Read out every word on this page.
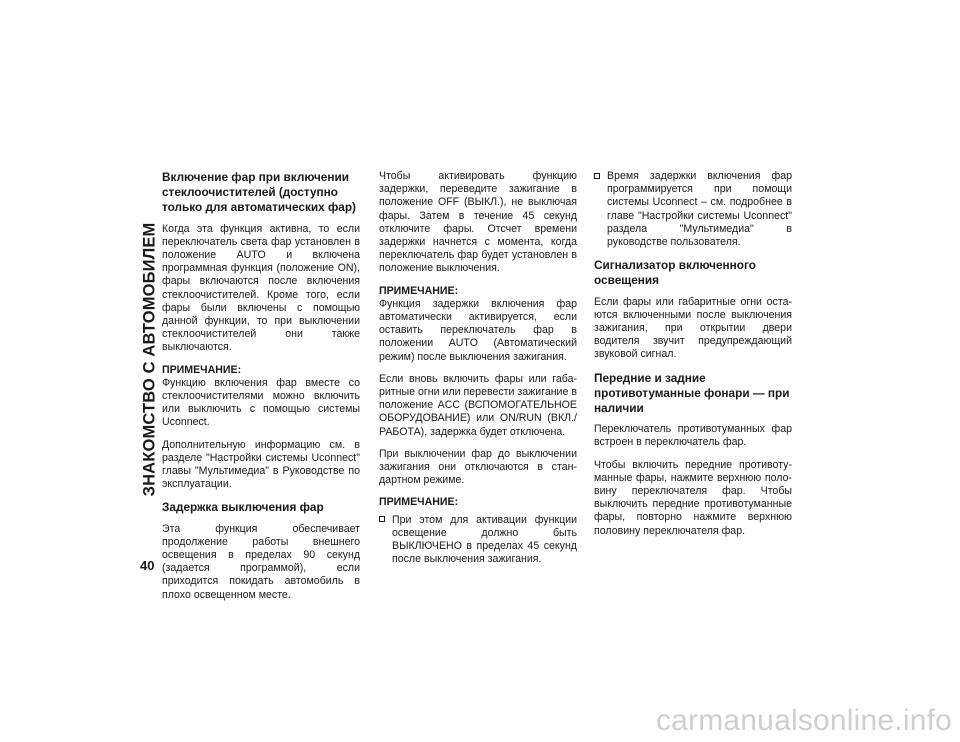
ЗНАКОМСТВО С АВТОМОБИЛЕМ
40
Включение фар при включении стеклоочистителей (доступно только для автоматических фар)

Когда эта функция активна, то если переключатель света фар установлен в положение AUTO и включена программная функция (положение ON), фары включаются после включения стеклоочистителей. Кроме того, если фары были включены с помощью данной функции, то при выключении стеклоочистителей они также выключаются.

ПРИМЕЧАНИЕ:

Функцию включения фар вместе со стеклоочистителями можно включить или выключить с помощью системы Uconnect.

Дополнительную информацию см. в разделе "Настройки системы Uconnect" главы "Мультимедиа" в Руководстве по эксплуатации.

Задержка выключения фар

Эта функция обеспечивает продолжение работы внешнего освещения в пределах 90 секунд (задается программой), если приходится покидать автомобиль в плохо освещенном месте.

Чтобы активировать функцию задержки, переведите зажигание в положение OFF (ВЫКЛ.), не выключая фары. Затем в течение 45 секунд отключите фары. Отсчет времени задержки начнется с момента, когда переключатель фар будет установлен в положение выключения.

ПРИМЕЧАНИЕ:

Функция задержки включения фар автоматически активируется, если оставить переключатель фар в положении AUTO (Автоматический режим) после выключения зажигания.

Если вновь включить фары или габаритные огни или перевести зажигание в положение ACC (ВСПОМОГАТЕЛЬНОЕ ОБОРУДОВАНИЕ) или ON/RUN (ВКЛ./ РАБОТА), задержка будет отключена.

При выключении фар до выключении зажигания они отключаются в стандартном режиме.

ПРИМЕЧАНИЕ:

При этом для активации функции освещение должно быть ВЫКЛЮЧЕНО в пределах 45 секунд после выключения зажигания.

Время задержки включения фар программируется при помощи системы Uconnect – см. подробнее в главе "Настройки системы Uconnect" раздела "Мультимедиа" в руководстве пользователя.

Сигнализатор включенного освещения

Если фары или габаритные огни остаются включенными после выключения зажигания, при открытии двери водителя звучит предупреждающий звуковой сигнал.

Передние и задние противотуманные фонари — при наличии

Переключатель противотуманных фар встроен в переключатель фар.

Чтобы включить передние противотуманные фары, нажмите верхнюю половину переключателя фар. Чтобы выключить передние противотуманные фары, повторно нажмите верхнюю половину переключателя фар.

carmanualsonline.info
